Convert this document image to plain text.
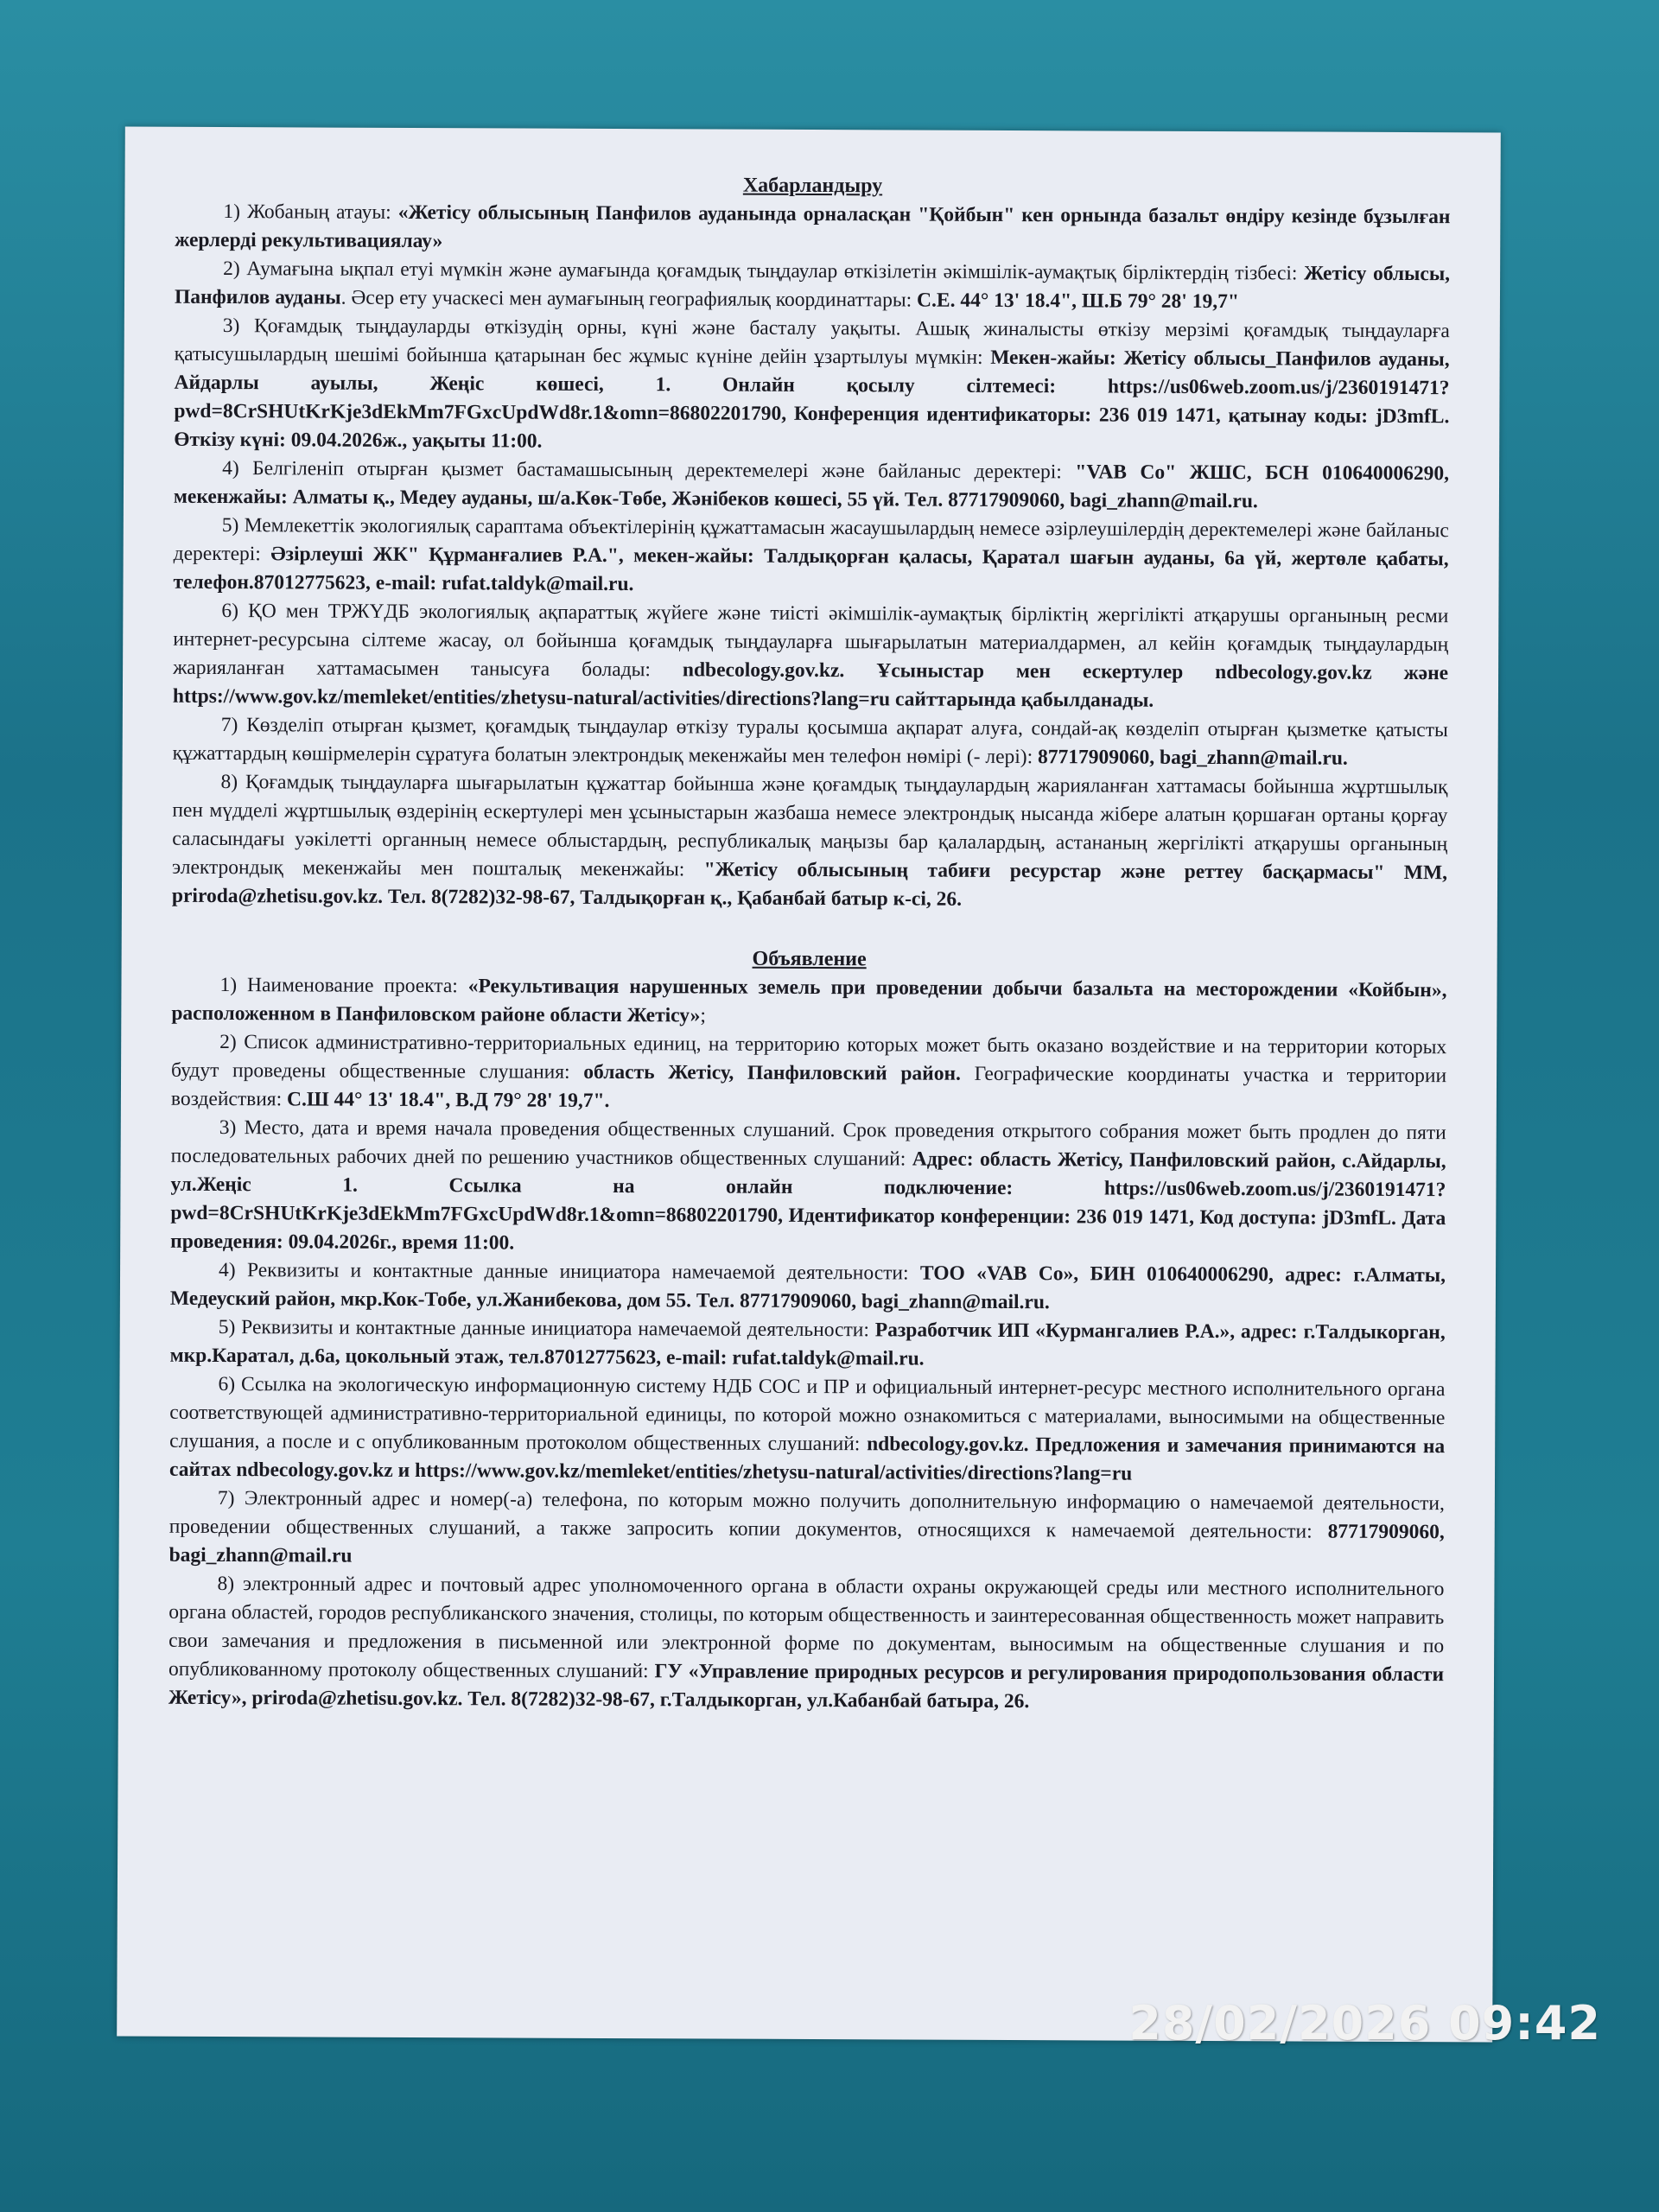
Хабарландыру

1) Жобаның атауы: «Жетісу облысының Панфилов ауданында орналасқан "Қойбын" кен орнында базальт өндіру кезінде бұзылған жерлерді рекультивациялау»

2) Аумағына ықпал етуі мүмкін және аумағында қоғамдық тыңдаулар өткізілетін әкімшілік-аумақтық бірліктердің тізбесі: Жетісу облысы, Панфилов ауданы. Әсер ету учаскесі мен аумағының географиялық координаттары: С.Е. 44° 13' 18.4", Ш.Б 79° 28' 19,7"

3) Қоғамдық тыңдауларды өткізудің орны, күні және басталу уақыты. Ашық жиналысты өткізу мерзімі қоғамдық тыңдауларға қатысушылардың шешімі бойынша қатарынан бес жұмыс күніне дейін ұзартылуы мүмкін: Мекен-жайы: Жетісу облысы_Панфилов ауданы, Айдарлы ауылы, Жеңіс көшесі, 1. Онлайн қосылу сілтемесі: https://us06web.zoom.us/j/2360191471?pwd=8CrSHUtKrKje3dEkMm7FGxcUpdWd8r.1&omn=86802201790, Конференция идентификаторы: 236 019 1471, қатынау коды: jD3mfL. Өткізу күні: 09.04.2026ж., уақыты 11:00.

4) Белгіленіп отырған қызмет бастамашысының деректемелері және байланыс деректері: "VAB Co" ЖШС, БСН 010640006290, мекенжайы: Алматы қ., Медеу ауданы, ш/а.Көк-Төбе, Жәнібеков көшесі, 55 үй. Тел. 87717909060, bagi_zhann@mail.ru.

5) Мемлекеттік экологиялық сараптама объектілерінің құжаттамасын жасаушылардың немесе әзірлеушілердің деректемелері және байланыс деректері: Әзірлеуші ЖК" Құрманғалиев Р.А.", мекен-жайы: Талдықорған қаласы, Қаратал шағын ауданы, 6а үй, жертөле қабаты, телефон.87012775623, e-mail: rufat.taldyk@mail.ru.

6) ҚО мен ТРЖҮДБ экологиялық ақпараттық жүйеге және тиісті әкімшілік-аумақтық бірліктің жергілікті атқарушы органының ресми интернет-ресурсына сілтеме жасау, ол бойынша қоғамдық тыңдауларға шығарылатын материалдармен, ал кейін қоғамдық тыңдаулардың жарияланған хаттамасымен танысуға болады: ndbecology.gov.kz. Ұсыныстар мен ескертулер ndbecology.gov.kz және https://www.gov.kz/memleket/entities/zhetysu-natural/activities/directions?lang=ru сайттарында қабылданады.

7) Көзделіп отырған қызмет, қоғамдық тыңдаулар өткізу туралы қосымша ақпарат алуға, сондай-ақ көзделіп отырған қызметке қатысты құжаттардың көшірмелерін сұратуға болатын электрондық мекенжайы мен телефон нөмірі (- лері): 87717909060, bagi_zhann@mail.ru.

8) Қоғамдық тыңдауларға шығарылатын құжаттар бойынша және қоғамдық тыңдаулардың жарияланған хаттамасы бойынша жұртшылық пен мүдделі жұртшылық өздерінің ескертулері мен ұсыныстарын жазбаша немесе электрондық нысанда жібере алатын қоршаған ортаны қорғау саласындағы уәкілетті органның немесе облыстардың, республикалық маңызы бар қалалардың, астананың жергілікті атқарушы органының электрондық мекенжайы мен пошталық мекенжайы: "Жетісу облысының табиғи ресурстар және реттеу басқармасы" ММ, priroda@zhetisu.gov.kz. Тел. 8(7282)32-98-67, Талдықорған қ., Қабанбай батыр к-сі, 26.

Объявление

1) Наименование проекта: «Рекультивация нарушенных земель при проведении добычи базальта на месторождении «Койбын», расположенном в Панфиловском районе области Жетісу»;

2) Список административно-территориальных единиц, на территорию которых может быть оказано воздействие и на территории которых будут проведены общественные слушания: область Жетісу, Панфиловский район. Географические координаты участка и территории воздействия: С.Ш 44° 13' 18.4", В.Д 79° 28' 19,7".

3) Место, дата и время начала проведения общественных слушаний. Срок проведения открытого собрания может быть продлен до пяти последовательных рабочих дней по решению участников общественных слушаний: Адрес: область Жетісу, Панфиловский район, с.Айдарлы, ул.Жеңіс 1. Ссылка на онлайн подключение: https://us06web.zoom.us/j/2360191471?pwd=8CrSHUtKrKje3dEkMm7FGxcUpdWd8r.1&omn=86802201790, Идентификатор конференции: 236 019 1471, Код доступа: jD3mfL. Дата проведения: 09.04.2026г., время 11:00.

4) Реквизиты и контактные данные инициатора намечаемой деятельности: ТОО «VAB Co», БИН 010640006290, адрес: г.Алматы, Медеуский район, мкр.Кок-Тобе, ул.Жанибекова, дом 55. Тел. 87717909060, bagi_zhann@mail.ru.

5) Реквизиты и контактные данные инициатора намечаемой деятельности: Разработчик ИП «Курмангалиев Р.А.», адрес: г.Талдыкорган, мкр.Каратал, д.6а, цокольный этаж, тел.87012775623, e-mail: rufat.taldyk@mail.ru.

6) Ссылка на экологическую информационную систему НДБ СОС и ПР и официальный интернет-ресурс местного исполнительного органа соответствующей административно-территориальной единицы, по которой можно ознакомиться с материалами, выносимыми на общественные слушания, а после и с опубликованным протоколом общественных слушаний: ndbecology.gov.kz. Предложения и замечания принимаются на сайтах ndbecology.gov.kz и https://www.gov.kz/memleket/entities/zhetysu-natural/activities/directions?lang=ru

7) Электронный адрес и номер(-а) телефона, по которым можно получить дополнительную информацию о намечаемой деятельности, проведении общественных слушаний, а также запросить копии документов, относящихся к намечаемой деятельности: 87717909060, bagi_zhann@mail.ru

8) электронный адрес и почтовый адрес уполномоченного органа в области охраны окружающей среды или местного исполнительного органа областей, городов республиканского значения, столицы, по которым общественность и заинтересованная общественность может направить свои замечания и предложения в письменной или электронной форме по документам, выносимым на общественные слушания и по опубликованному протоколу общественных слушаний: ГУ «Управление природных ресурсов и регулирования природопользования области Жетісу», priroda@zhetisu.gov.kz. Тел. 8(7282)32-98-67, г.Талдыкорган, ул.Кабанбай батыра, 26.

28/02/2026 09:42
